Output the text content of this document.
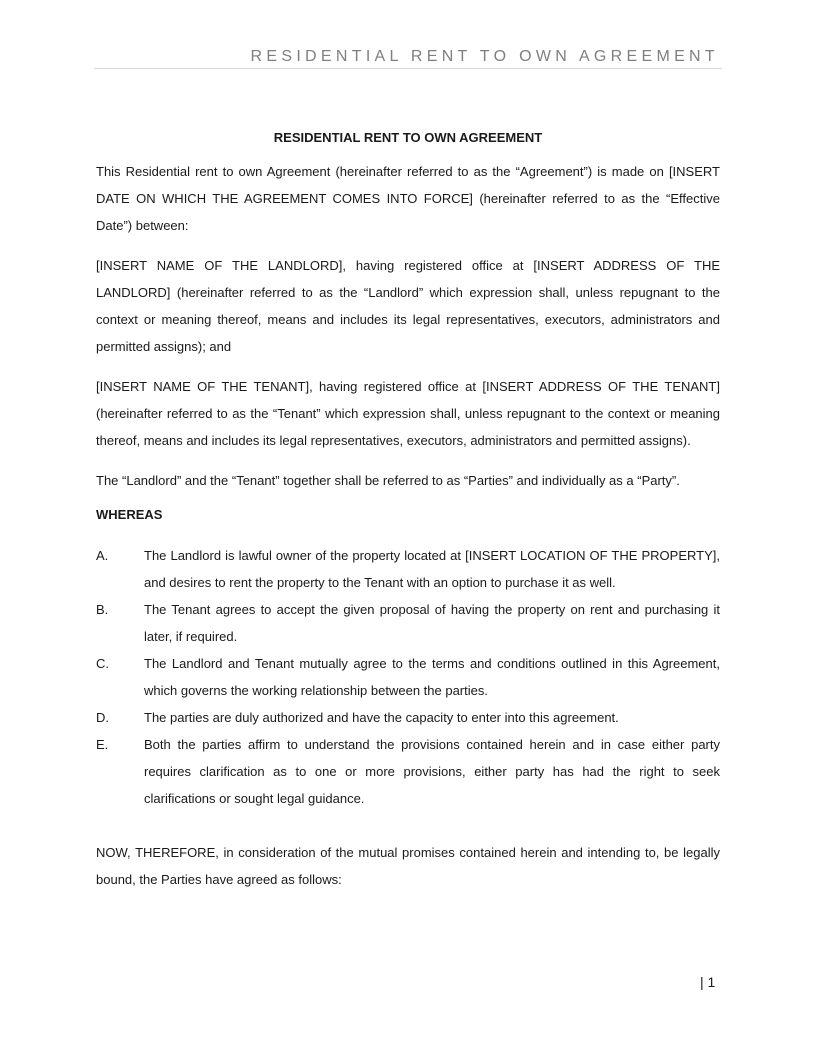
RESIDENTIAL RENT TO OWN AGREEMENT
RESIDENTIAL RENT TO OWN AGREEMENT

This Residential rent to own Agreement (hereinafter referred to as the “Agreement”) is made on [INSERT DATE ON WHICH THE AGREEMENT COMES INTO FORCE] (hereinafter referred to as the “Effective Date”) between:

[INSERT NAME OF THE LANDLORD], having registered office at [INSERT ADDRESS OF THE LANDLORD] (hereinafter referred to as the “Landlord” which expression shall, unless repugnant to the context or meaning thereof, means and includes its legal representatives, executors, administrators and permitted assigns); and

[INSERT NAME OF THE TENANT], having registered office at [INSERT ADDRESS OF THE TENANT] (hereinafter referred to as the “Tenant” which expression shall, unless repugnant to the context or meaning thereof, means and includes its legal representatives, executors, administrators and permitted assigns).

The “Landlord” and the “Tenant” together shall be referred to as “Parties” and individually as a “Party”.

WHEREAS
A.	The Landlord is lawful owner of the property located at [INSERT LOCATION OF THE PROPERTY], and desires to rent the property to the Tenant with an option to purchase it as well.
B.	The Tenant agrees to accept the given proposal of having the property on rent and purchasing it later, if required.
C.	The Landlord and Tenant mutually agree to the terms and conditions outlined in this Agreement, which governs the working relationship between the parties.
D.	The parties are duly authorized and have the capacity to enter into this agreement.
E.	Both the parties affirm to understand the provisions contained herein and in case either party requires clarification as to one or more provisions, either party has had the right to seek clarifications or sought legal guidance.

NOW, THEREFORE, in consideration of the mutual promises contained herein and intending to, be legally bound, the Parties have agreed as follows:

| 1
